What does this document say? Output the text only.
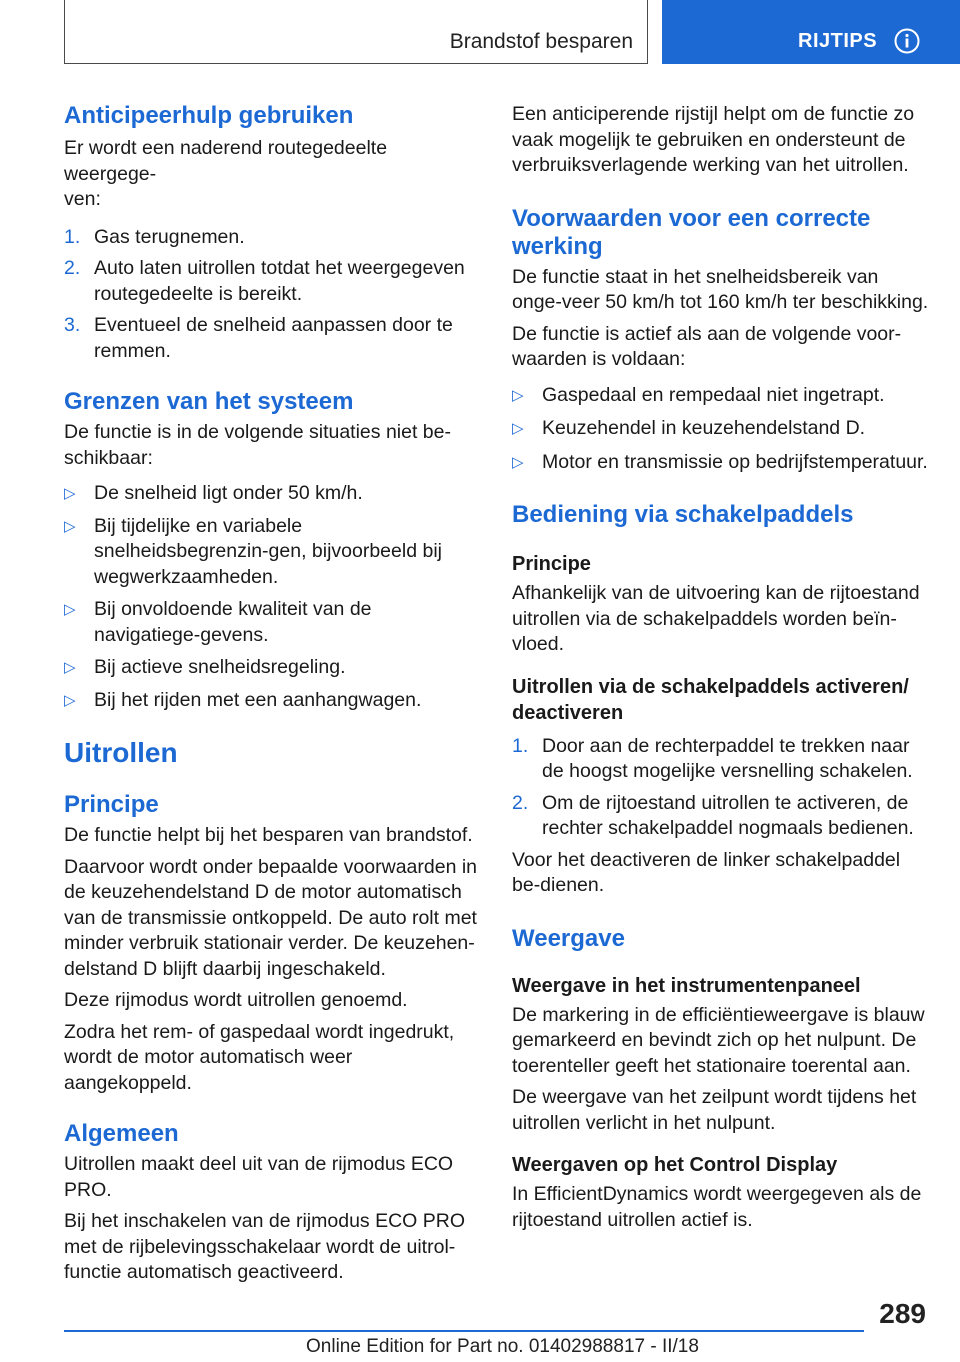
Brandstof besparen	RIJTIPS
Anticipeerhulp gebruiken

Er wordt een naderend routegedeelte weergege-
ven:

1. Gas terugnemen.
2. Auto laten uitrollen totdat het weergegeven routegedeelte is bereikt.
3. Eventueel de snelheid aanpassen door te remmen.
Grenzen van het systeem

De functie is in de volgende situaties niet be-
schikbaar:

▷ De snelheid ligt onder 50 km/h.
▷ Bij tijdelijke en variabele snelheidsbegrenzin-gen, bijvoorbeeld bij wegwerkzaamheden.
▷ Bij onvoldoende kwaliteit van de navigatiege-gevens.
▷ Bij actieve snelheidsregeling.
▷ Bij het rijden met een aanhangwagen.
Uitrollen
Principe

De functie helpt bij het besparen van brandstof.

Daarvoor wordt onder bepaalde voorwaarden in de keuzehendelstand D de motor automatisch van de transmissie ontkoppeld. De auto rolt met minder verbruik stationair verder. De keuzehen-delstand D blijft daarbij ingeschakeld.

Deze rijmodus wordt uitrollen genoemd.

Zodra het rem- of gaspedaal wordt ingedrukt, wordt de motor automatisch weer aangekoppeld.

Algemeen

Uitrollen maakt deel uit van de rijmodus ECO PRO.

Bij het inschakelen van de rijmodus ECO PRO met de rijbelevingsschakelaar wordt de uitrol-functie automatisch geactiveerd.

Een anticiperende rijstijl helpt om de functie zo vaak mogelijk te gebruiken en ondersteunt de verbruiksverlagende werking van het uitrollen.

Voorwaarden voor een correcte werking

De functie staat in het snelheidsbereik van onge-veer 50 km/h tot 160 km/h ter beschikking.

De functie is actief als aan de volgende voor-waarden is voldaan:

▷ Gaspedaal en rempedaal niet ingetrapt.
▷ Keuzehendel in keuzehendelstand D.
▷ Motor en transmissie op bedrijfstemperatuur.
Bediening via schakelpaddels
Principe

Afhankelijk van de uitvoering kan de rijtoestand uitrollen via de schakelpaddels worden beïn-vloed.

Uitrollen via de schakelpaddels activeren/
deactiveren
1. Door aan de rechterpaddel te trekken naar de hoogst mogelijke versnelling schakelen.
2. Om de rijtoestand uitrollen te activeren, de rechter schakelpaddel nogmaals bedienen.

Voor het deactiveren de linker schakelpaddel be-dienen.

Weergave
Weergave in het instrumentenpaneel

De markering in de efficiëntieweergave is blauw gemarkeerd en bevindt zich op het nulpunt. De toerenteller geeft het stationaire toerental aan.

De weergave van het zeilpunt wordt tijdens het uitrollen verlicht in het nulpunt.

Weergaven op het Control Display

In EfficientDynamics wordt weergegeven als de rijtoestand uitrollen actief is.

289
Online Edition for Part no. 01402988817 - II/18
